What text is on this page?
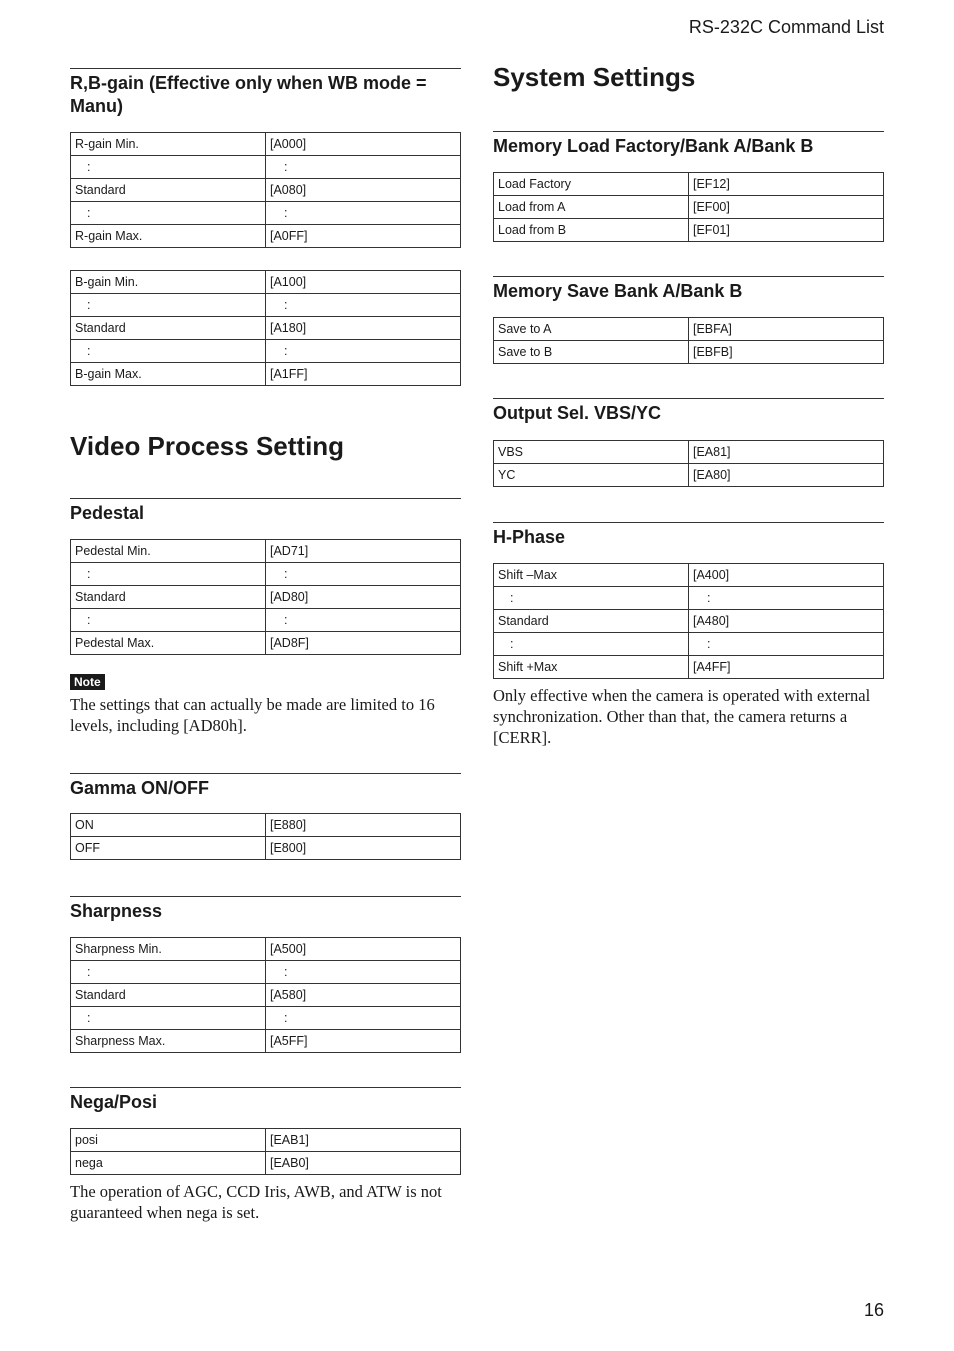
RS-232C Command List
R,B-gain (Effective only when WB mode = Manu)
R-gain Min.	[A000]
:	:
Standard	[A080]
:	:
R-gain Max.	[A0FF]
B-gain Min.	[A100]
:	:
Standard	[A180]
:	:
B-gain Max.	[A1FF]
Video Process Setting
Pedestal
Pedestal Min.	[AD71]
:	:
Standard	[AD80]
:	:
Pedestal Max.	[AD8F]
Note
The settings that can actually be made are limited to 16 levels, including [AD80h].
Gamma ON/OFF
ON	[E880]
OFF	[E800]
Sharpness
Sharpness Min.	[A500]
:	:
Standard	[A580]
:	:
Sharpness Max.	[A5FF]
Nega/Posi
posi	[EAB1]
nega	[EAB0]
The operation of AGC, CCD Iris, AWB, and ATW is not guaranteed when nega is set.
System Settings
Memory Load Factory/Bank A/Bank B
Load Factory	[EF12]
Load from A	[EF00]
Load from B	[EF01]
Memory Save Bank A/Bank B
Save to A	[EBFA]
Save to B	[EBFB]
Output Sel. VBS/YC
VBS	[EA81]
YC	[EA80]
H-Phase
Shift –Max	[A400]
:	:
Standard	[A480]
:	:
Shift +Max	[A4FF]
Only effective when the camera is operated with external synchronization. Other than that, the camera returns a [CERR].
16
